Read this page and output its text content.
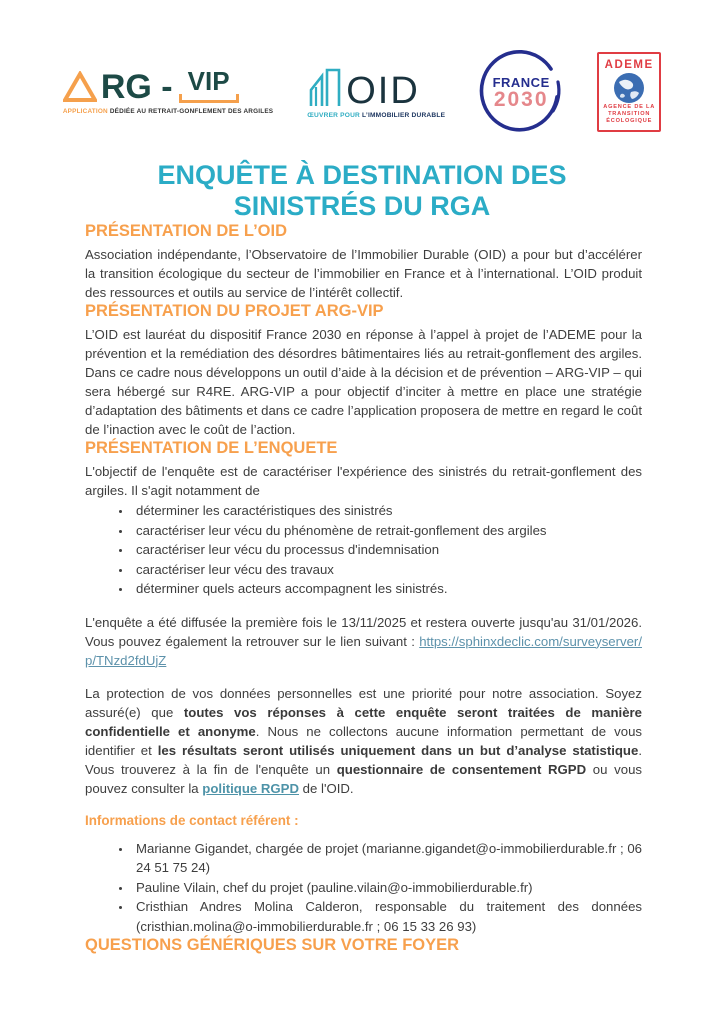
RG - VIP
APPLICATION DÉDIÉE AU RETRAIT-GONFLEMENT DES ARGILES OID
ŒUVRER POUR L’IMMOBILIER DURABLE
FRANCE
2030
ADEME
AGENCE DE LA
TRANSITION
ÉCOLOGIQUE
ENQUÊTE À DESTINATION DES
SINISTRÉS DU RGA
PRÉSENTATION DE L’OID

Association indépendante, l’Observatoire de l’Immobilier Durable (OID) a pour but d’accélérer la transition écologique du secteur de l’immobilier en France et à l’international. L’OID produit des ressources et outils au service de l’intérêt collectif.

PRÉSENTATION DU PROJET ARG-VIP

L’OID est lauréat du dispositif France 2030 en réponse à l’appel à projet de l’ADEME pour la prévention et la remédiation des désordres bâtimentaires liés au retrait-gonflement des argiles. Dans ce cadre nous développons un outil d’aide à la décision et de prévention – ARG-VIP – qui sera hébergé sur R4RE. ARG-VIP a pour objectif d’inciter à mettre en place une stratégie d’adaptation des bâtiments et dans ce cadre l’application proposera de mettre en regard le coût de l’inaction avec le coût de l’action.

PRÉSENTATION DE L’ENQUETE

L'objectif de l'enquête est de caractériser l'expérience des sinistrés du retrait-gonflement des argiles. Il s'agit notamment de

• déterminer les caractéristiques des sinistrés
• caractériser leur vécu du phénomène de retrait-gonflement des argiles
• caractériser leur vécu du processus d'indemnisation
• caractériser leur vécu des travaux
• déterminer quels acteurs accompagnent les sinistrés.

L'enquête a été diffusée la première fois le 13/11/2025 et restera ouverte jusqu'au 31/01/2026. Vous pouvez également la retrouver sur le lien suivant : https://sphinxdeclic.com/surveyserver/p/TNzd2fdUjZ

La protection de vos données personnelles est une priorité pour notre association. Soyez assuré(e) que toutes vos réponses à cette enquête seront traitées de manière confidentielle et anonyme. Nous ne collectons aucune information permettant de vous identifier et les résultats seront utilisés uniquement dans un but d’analyse statistique. Vous trouverez à la fin de l'enquête un questionnaire de consentement RGPD ou vous pouvez consulter la politique RGPD de l'OID.

Informations de contact référent :

• Marianne Gigandet, chargée de projet (marianne.gigandet@o-immobilierdurable.fr ; 06 24 51 75 24)
• Pauline Vilain, chef du projet (pauline.vilain@o-immobilierdurable.fr)
• Cristhian Andres Molina Calderon, responsable du traitement des données (cristhian.molina@o-immobilierdurable.fr ; 06 15 33 26 93)
QUESTIONS GÉNÉRIQUES SUR VOTRE FOYER
